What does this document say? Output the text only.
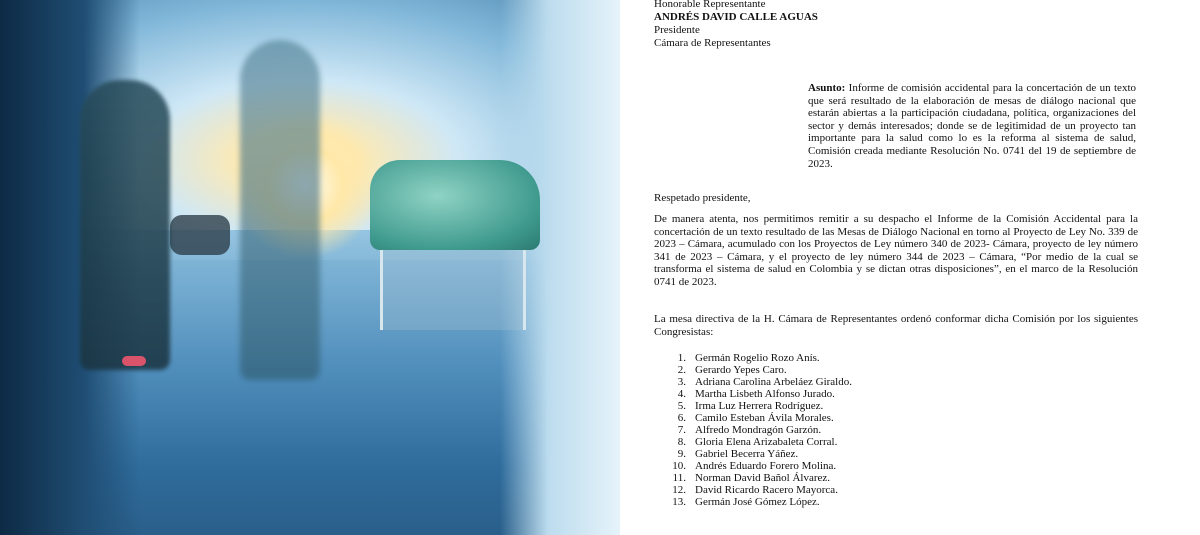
Honorable Representante
ANDRÉS DAVID CALLE AGUAS
Presidente
Cámara de Representantes
Asunto: Informe de comisión accidental para la concertación de un texto que será resultado de la elaboración de mesas de diálogo nacional que estarán abiertas a la participación ciudadana, política, organizaciones del sector y demás interesados; donde se de legitimidad de un proyecto tan importante para la salud como lo es la reforma al sistema de salud, Comisión creada mediante Resolución No. 0741 del 19 de septiembre de 2023.
Respetado presidente,
De manera atenta, nos permitimos remitir a su despacho el Informe de la Comisión Accidental para la concertación de un texto resultado de las Mesas de Diálogo Nacional en torno al Proyecto de Ley No. 339 de 2023 – Cámara, acumulado con los Proyectos de Ley número 340 de 2023- Cámara, proyecto de ley número 341 de 2023 – Cámara, y el proyecto de ley número 344 de 2023 – Cámara, “Por medio de la cual se transforma el sistema de salud en Colombia y se dictan otras disposiciones”, en el marco de la Resolución 0741 de 2023.
La mesa directiva de la H. Cámara de Representantes ordenó conformar dicha Comisión por los siguientes Congresistas:
1. Germán Rogelio Rozo Anís.
2. Gerardo Yepes Caro.
3. Adriana Carolina Arbeláez Giraldo.
4. Martha Lisbeth Alfonso Jurado.
5. Irma Luz Herrera Rodríguez.
6. Camilo Esteban Ávila Morales.
7. Alfredo Mondragón Garzón.
8. Gloria Elena Arizabaleta Corral.
9. Gabriel Becerra Yáñez.
10. Andrés Eduardo Forero Molina.
11. Norman David Bañol Álvarez.
12. David Ricardo Racero Mayorca.
13. Germán José Gómez López.
